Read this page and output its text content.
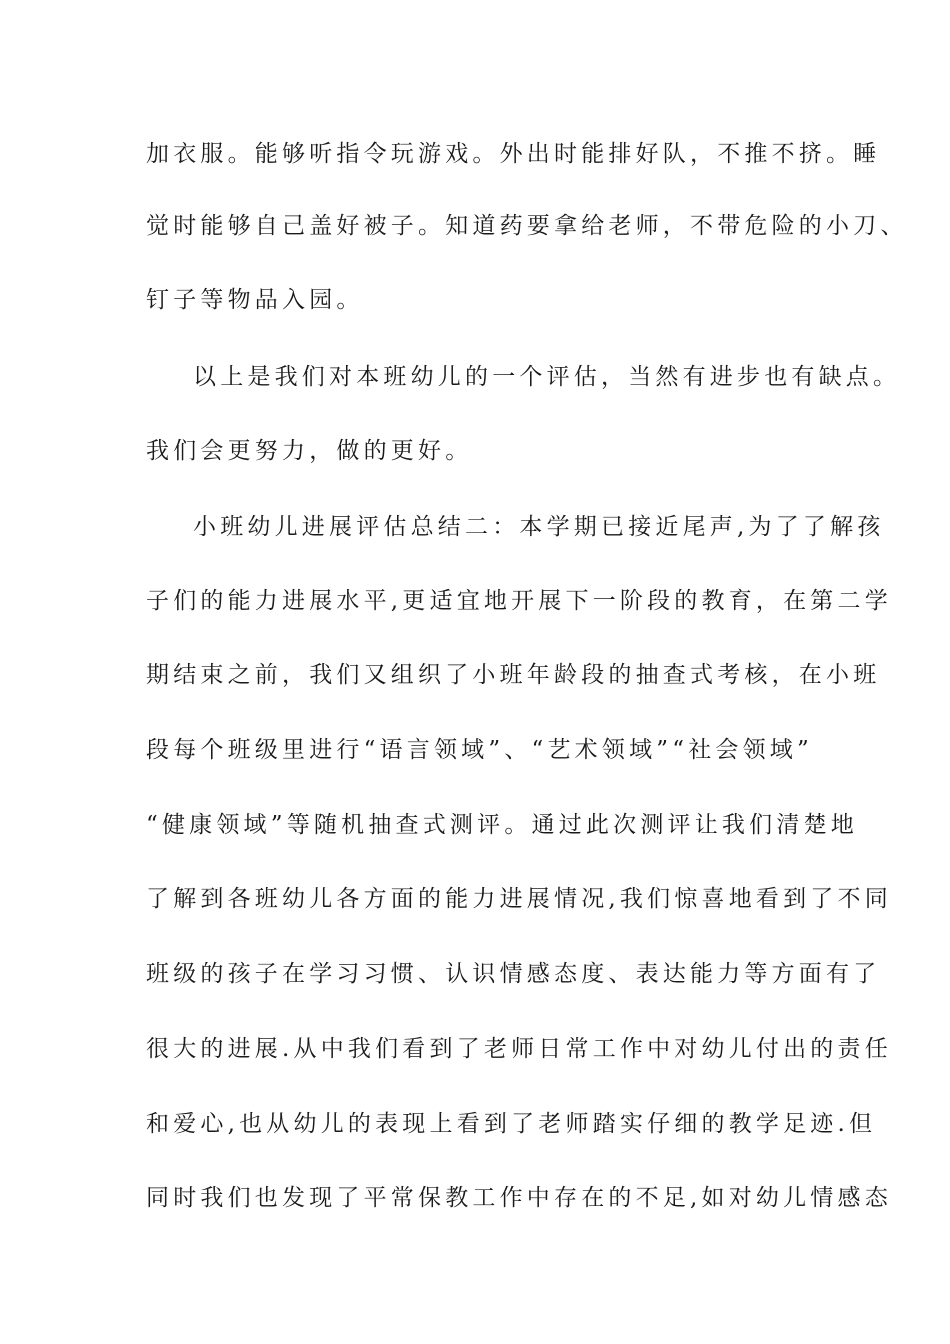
加衣服。能够听指令玩游戏。外出时能排好队，不推不挤。睡
觉时能够自己盖好被子。知道药要拿给老师，不带危险的小刀、
钉子等物品入园。
以上是我们对本班幼儿的一个评估，当然有进步也有缺点。
我们会更努力，做的更好。
小班幼儿进展评估总结二：本学期已接近尾声,为了了解孩
子们的能力进展水平,更适宜地开展下一阶段的教育，在第二学
期结束之前，我们又组织了小班年龄段的抽查式考核，在小班
段每个班级里进行“语言领域”、“艺术领域”“社会领域”
“健康领域”等随机抽查式测评。通过此次测评让我们清楚地
了解到各班幼儿各方面的能力进展情况,我们惊喜地看到了不同
班级的孩子在学习习惯、认识情感态度、表达能力等方面有了
很大的进展.从中我们看到了老师日常工作中对幼儿付出的责任
和爱心,也从幼儿的表现上看到了老师踏实仔细的教学足迹.但
同时我们也发现了平常保教工作中存在的不足,如对幼儿情感态
